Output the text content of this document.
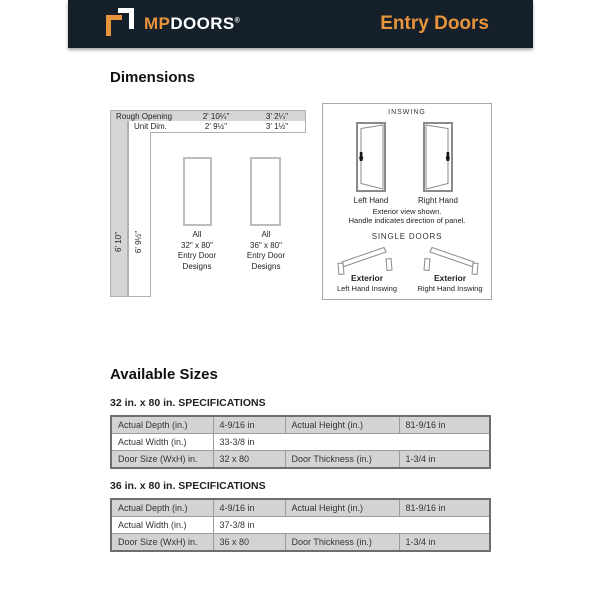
MPDOORS®	Entry Doors
Dimensions
Rough Opening	2' 10¼"	3' 2¼"
Unit Dim.	2' 9½"	3' 1½"
6' 10" 6' 9½"	All
32" x 80"
Entry Door
Designs
All
36" x 80"
Entry Door
Designs
INSWING
Left Hand	Right Hand
Exterior view shown.
Handle indicates direction of panel.
SINGLE DOORS
Exterior
Left Hand Inswing
Exterior
Right Hand Inswing
Available Sizes
32 in. x 80 in. SPECIFICATIONS
Actual Depth (in.)	4-9/16 in	Actual Height (in.)	81-9/16 in
Actual Width (in.)	33-3/8 in		
Door Size (WxH) in.	32 x 80	Door Thickness (in.)	1-3/4 in
36 in. x 80 in. SPECIFICATIONS
Actual Depth (in.)	4-9/16 in	Actual Height (in.)	81-9/16 in
Actual Width (in.)	37-3/8 in		
Door Size (WxH) in.	36 x 80	Door Thickness (in.)	1-3/4 in
